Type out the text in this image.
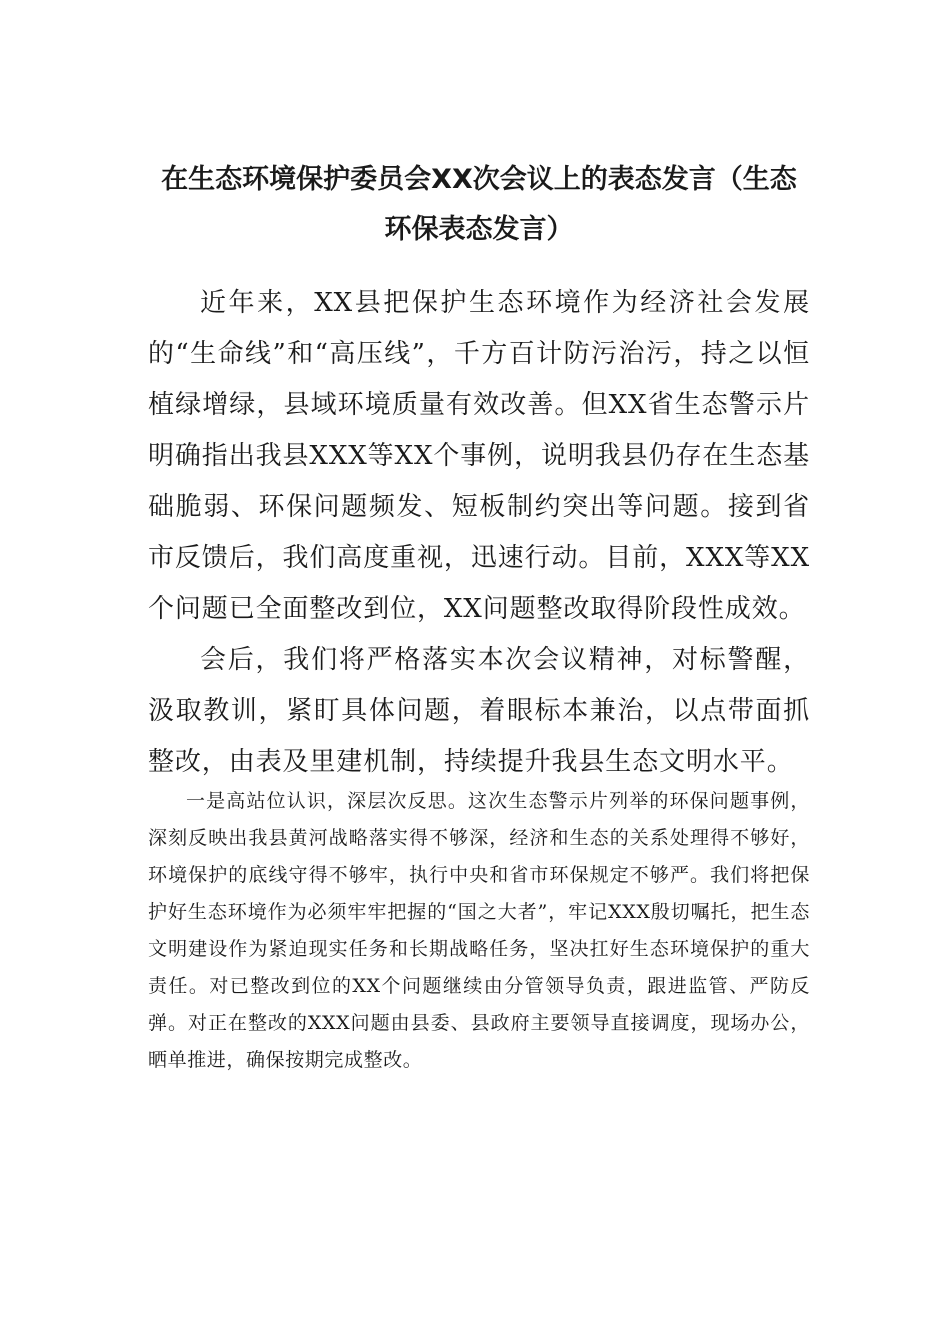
在生态环境保护委员会XX次会议上的表态发言（生态环保表态发言）

近年来，XX县把保护生态环境作为经济社会发展的“生命线”和“高压线”，千方百计防污治污，持之以恒植绿增绿，县域环境质量有效改善。但XX省生态警示片明确指出我县XXX等XX个事例，说明我县仍存在生态基础脆弱、环保问题频发、短板制约突出等问题。接到省市反馈后，我们高度重视，迅速行动。目前，XXX等XX个问题已全面整改到位，XX问题整改取得阶段性成效。

会后，我们将严格落实本次会议精神，对标警醒，汲取教训，紧盯具体问题，着眼标本兼治，以点带面抓整改，由表及里建机制，持续提升我县生态文明水平。

一是高站位认识，深层次反思。这次生态警示片列举的环保问题事例，深刻反映出我县黄河战略落实得不够深，经济和生态的关系处理得不够好，环境保护的底线守得不够牢，执行中央和省市环保规定不够严。我们将把保护好生态环境作为必须牢牢把握的“国之大者”，牢记XXX殷切嘱托，把生态文明建设作为紧迫现实任务和长期战略任务，坚决扛好生态环境保护的重大责任。对已整改到位的XX个问题继续由分管领导负责，跟进监管、严防反弹。对正在整改的XXX问题由县委、县政府主要领导直接调度，现场办公，晒单推进，确保按期完成整改。
